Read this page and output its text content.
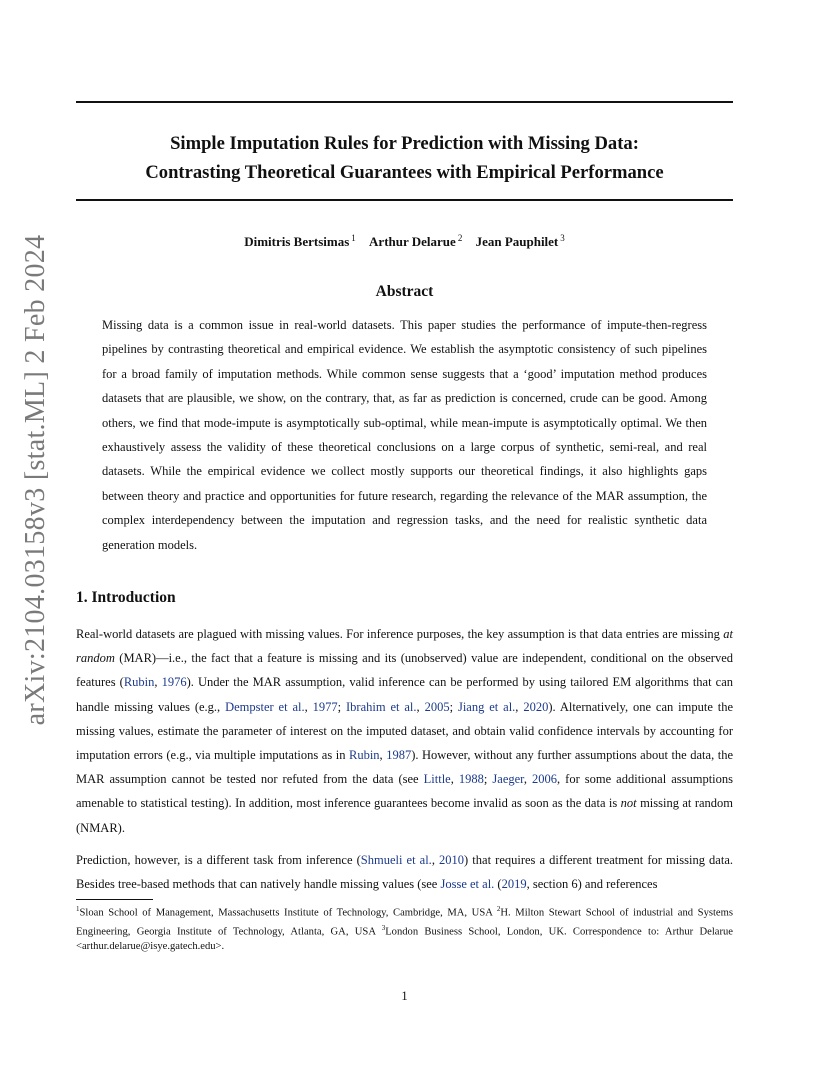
arXiv:2104.03158v3 [stat.ML] 2 Feb 2024
Simple Imputation Rules for Prediction with Missing Data:
Contrasting Theoretical Guarantees with Empirical Performance
Dimitris Bertsimas $^1$ Arthur Delarue $^2$ Jean Pauphilet $^3$
Abstract

Missing data is a common issue in real-world datasets. This paper studies the performance of impute-then-regress pipelines by contrasting theoretical and empirical evidence. We establish the asymptotic consistency of such pipelines for a broad family of imputation methods. While common sense suggests that a ‘good’ imputation method produces datasets that are plausible, we show, on the contrary, that, as far as prediction is concerned, crude can be good. Among others, we find that mode-impute is asymptotically sub-optimal, while mean-impute is asymptotically optimal. We then exhaustively assess the validity of these theoretical conclusions on a large corpus of synthetic, semi-real, and real datasets. While the empirical evidence we collect mostly supports our theoretical findings, it also highlights gaps between theory and practice and opportunities for future research, regarding the relevance of the MAR assumption, the complex interdependency between the imputation and regression tasks, and the need for realistic synthetic data generation models.

1. Introduction

Real-world datasets are plagued with missing values. For inference purposes, the key assumption is that data entries are missing at random (MAR)—i.e., the fact that a feature is missing and its (unobserved) value are independent, conditional on the observed features (Rubin, 1976). Under the MAR assumption, valid inference can be performed by using tailored EM algorithms that can handle missing values (e.g., Dempster et al., 1977; Ibrahim et al., 2005; Jiang et al., 2020). Alternatively, one can impute the missing values, estimate the parameter of interest on the imputed dataset, and obtain valid confidence intervals by accounting for imputation errors (e.g., via multiple imputations as in Rubin, 1987). However, without any further assumptions about the data, the MAR assumption cannot be tested nor refuted from the data (see Little, 1988; Jaeger, 2006, for some additional assumptions amenable to statistical testing). In addition, most inference guarantees become invalid as soon as the data is not missing at random (NMAR).

Prediction, however, is a different task from inference (Shmueli et al., 2010) that requires a different treatment for missing data. Besides tree-based methods that can natively handle missing values (see Josse et al. (2019, section 6) and references

$^1$Sloan School of Management, Massachusetts Institute of Technology, Cambridge, MA, USA $^2$H. Milton Stewart School of industrial and Systems Engineering, Georgia Institute of Technology, Atlanta, GA, USA $^3$London Business School, London, UK. Correspondence to: Arthur Delarue <arthur.delarue@isye.gatech.edu>.
1
